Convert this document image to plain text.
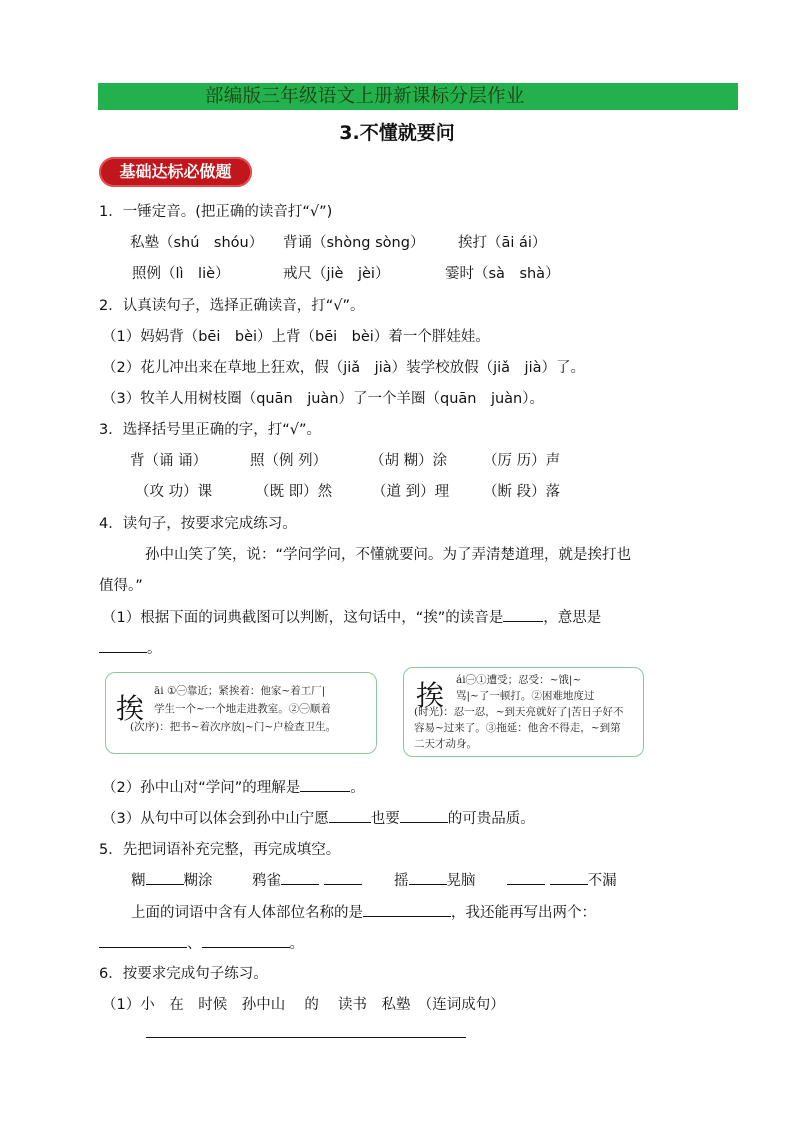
部编版三年级语文上册新课标分层作业
3.不懂就要问
基础达标必做题
1．一锤定音。(把正确的读音打“√”)
私塾（shú　shóu） 背诵（shòng sòng） 挨打（āi ái）
照例（lì　liè）	戒尺（jiè　jèi）	霎时（sà　shà）
2．认真读句子，选择正确读音，打“√”。
（1）妈妈背（bēi　bèi）上背（bēi　bèi）着一个胖娃娃。
（2）花儿冲出来在草地上狂欢，假（jiǎ　jià）装学校放假（jiǎ　jià）了。
（3）牧羊人用树枝圈（quān　juàn）了一个羊圈（quān　juàn）。
3．选择括号里正确的字，打“√”。
背（诵 诵）	照（例 列）	（胡 糊）涂 （厉 历）声
（攻 功）课	（既 即）然	（道 到）理 （断 段）落
4．读句子，按要求完成练习。
孙中山笑了笑，说：“学问学问，不懂就要问。为了弄清楚道理，就是挨打也
值得。”
（1）根据下面的词典截图可以判断，这句话中，“挨”的读音是	，意思是
。
挨
āi ①㊀靠近；紧挨着：他家~着工厂|
学生一个~一个地走进教室。②㊀顺着
(次序)：把书~着次序放|~门~户检查卫生。
挨 ái㊀①遭受；忍受：~饿|~
骂|~了一顿打。②困难地度过
(时光)：忍一忍，~到天亮就好了|苦日子好不
容易~过来了。③拖延：他舍不得走，~到第
二天才动身。
（2）孙中山对“学问”的理解是	。
（3）从句中可以体会到孙中山宁愿	也要	的可贵品质。
5．先把词语补充完整，再完成填空。
糊	糊涂	鸦雀	摇	晃脑	不漏
上面的词语中含有人体部位名称的是	，我还能再写出两个：
、	。
6．按要求完成句子练习。
（1）小　在　时候　孙中山　 的　 读书　私塾　（连词成句）
